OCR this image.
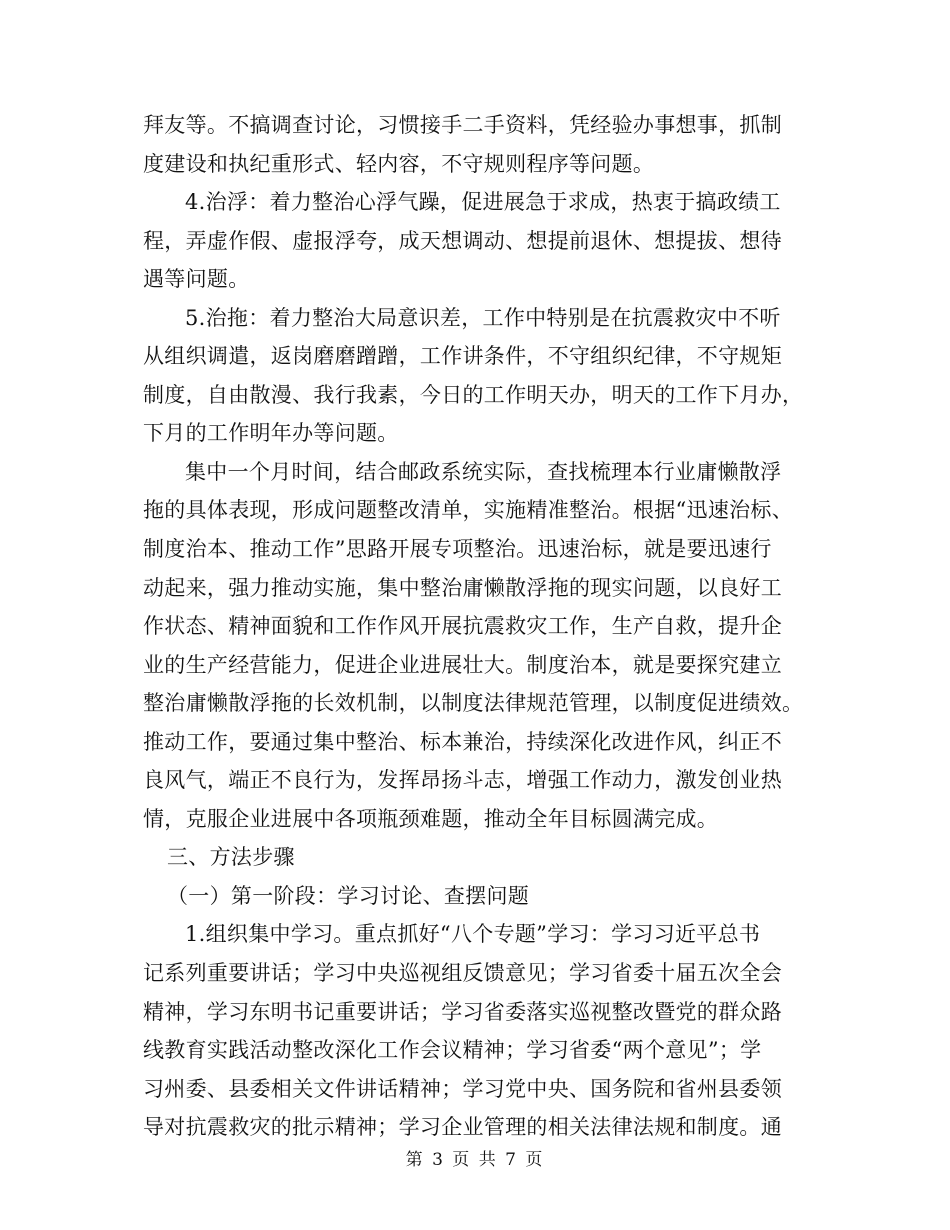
拜友等。不搞调查讨论，习惯接手二手资料，凭经验办事想事，抓制
度建设和执纪重形式、轻内容，不守规则程序等问题。
4.治浮：着力整治心浮气躁，促进展急于求成，热衷于搞政绩工
程，弄虚作假、虚报浮夸，成天想调动、想提前退休、想提拔、想待
遇等问题。
5.治拖：着力整治大局意识差，工作中特别是在抗震救灾中不听
从组织调遣，返岗磨磨蹭蹭，工作讲条件，不守组织纪律，不守规矩
制度，自由散漫、我行我素，今日的工作明天办，明天的工作下月办，
下月的工作明年办等问题。
集中一个月时间，结合邮政系统实际，查找梳理本行业庸懒散浮
拖的具体表现，形成问题整改清单，实施精准整治。根据“迅速治标、
制度治本、推动工作”思路开展专项整治。迅速治标，就是要迅速行
动起来，强力推动实施，集中整治庸懒散浮拖的现实问题，以良好工
作状态、精神面貌和工作作风开展抗震救灾工作，生产自救，提升企
业的生产经营能力，促进企业进展壮大。制度治本，就是要探究建立
整治庸懒散浮拖的长效机制，以制度法律规范管理，以制度促进绩效。
推动工作，要通过集中整治、标本兼治，持续深化改进作风，纠正不
良风气，端正不良行为，发挥昂扬斗志，增强工作动力，激发创业热
情，克服企业进展中各项瓶颈难题，推动全年目标圆满完成。
三、方法步骤
（一）第一阶段：学习讨论、查摆问题
1.组织集中学习。重点抓好“八个专题”学习：学习习近平总书
记系列重要讲话；学习中央巡视组反馈意见；学习省委十届五次全会
精神，学习东明书记重要讲话；学习省委落实巡视整改暨党的群众路
线教育实践活动整改深化工作会议精神；学习省委“两个意见”；学
习州委、县委相关文件讲话精神；学习党中央、国务院和省州县委领
导对抗震救灾的批示精神；学习企业管理的相关法律法规和制度。通
第 3 页 共 7 页
